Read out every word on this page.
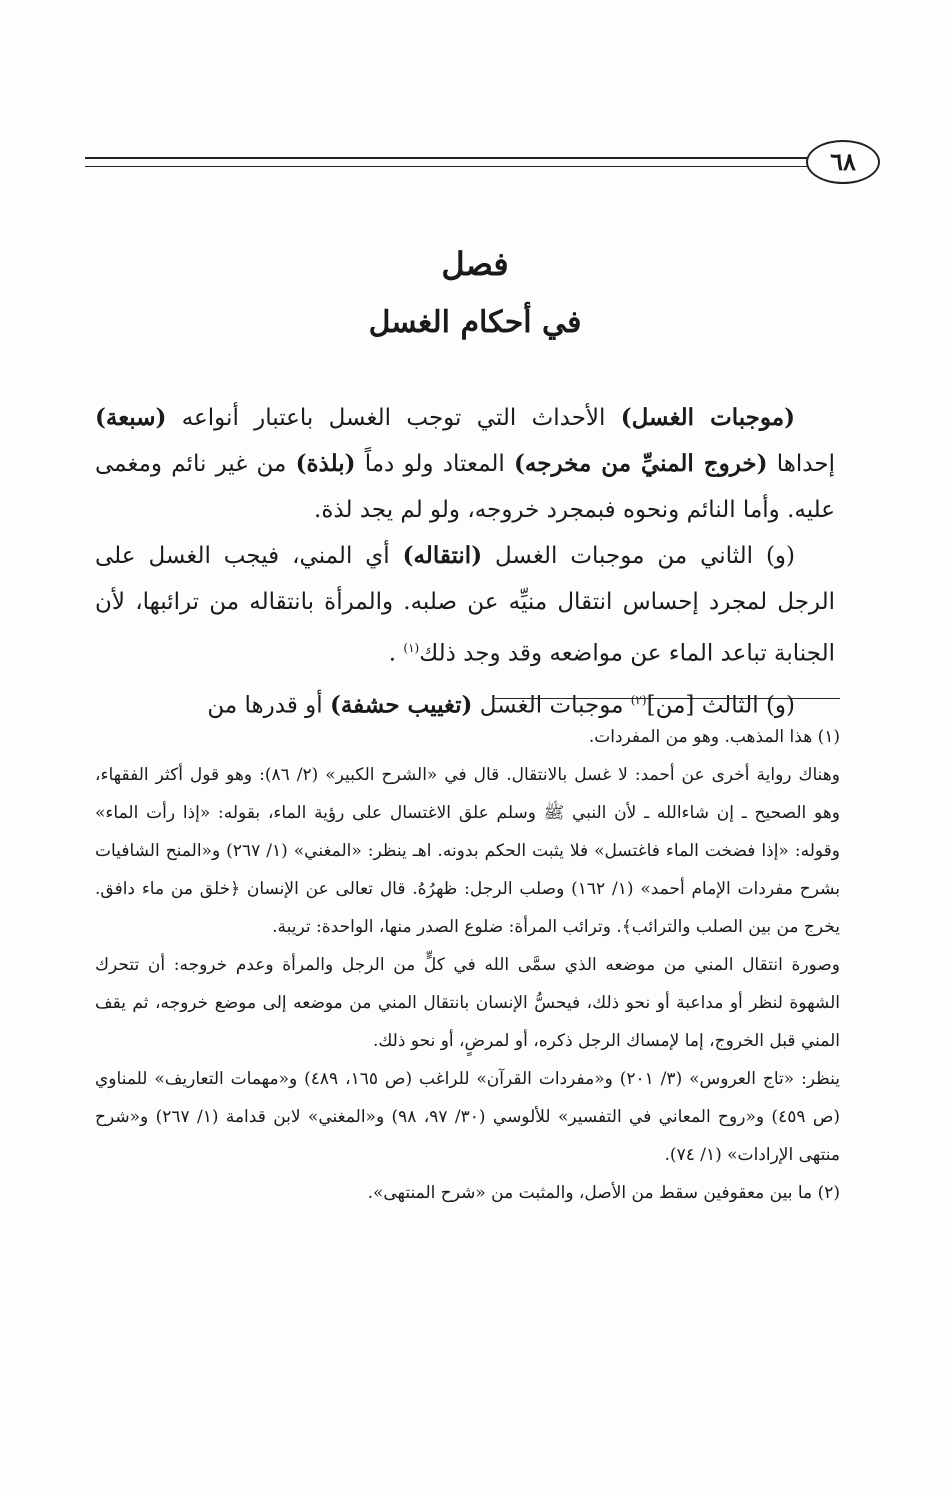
٦٨
فصل
في أحكام الغسل

(موجبات الغسل) الأحداث التي توجب الغسل باعتبار أنواعه (سبعة) إحداها (خروج المنيِّ من مخرجه) المعتاد ولو دماً (بلذة) من غير نائم ومغمى عليه. وأما النائم ونحوه فبمجرد خروجه، ولو لم يجد لذة.

(و) الثاني من موجبات الغسل (انتقاله) أي المني، فيجب الغسل على الرجل لمجرد إحساس انتقال منيِّه عن صلبه. والمرأة بانتقاله من ترائبها، لأن الجنابة تباعد الماء عن مواضعه وقد وجد ذلك$^{(١)}$ .

(و) الثالث [من]$^{(٢)}$ موجبات الغسل (تغييب حشفة) أو قدرها من

(١) هذا المذهب. وهو من المفردات.

وهناك رواية أخرى عن أحمد: لا غسل بالانتقال. قال في «الشرح الكبير» (٢/ ٨٦): وهو قول أكثر الفقهاء، وهو الصحيح ـ إن شاءالله ـ لأن النبي ﷺ وسلم علق الاغتسال على رؤية الماء، بقوله: «إذا رأت الماء» وقوله: «إذا فضخت الماء فاغتسل» فلا يثبت الحكم بدونه. اهـ ينظر: «المغني» (١/ ٢٦٧) و«المنح الشافيات بشرح مفردات الإمام أحمد» (١/ ١٦٢) وصلب الرجل: ظهرُهُ. قال تعالى عن الإنسان ﴿خلق من ماء دافق. يخرج من بين الصلب والترائب﴾. وترائب المرأة: ضلوع الصدر منها، الواحدة: تريبة.

وصورة انتقال المني من موضعه الذي سمَّى الله في كلٍّ من الرجل والمرأة وعدم خروجه: أن تتحرك الشهوة لنظر أو مداعبة أو نحو ذلك، فيحسُّ الإنسان بانتقال المني من موضعه إلى موضع خروجه، ثم يقف المني قبل الخروج، إما لإمساك الرجل ذكره، أو لمرضٍ، أو نحو ذلك.

ينظر: «تاج العروس» (٣/ ٢٠١) و«مفردات القرآن» للراغب (ص ١٦٥، ٤٨٩) و«مهمات التعاريف» للمناوي (ص ٤٥٩) و«روح المعاني في التفسير» للألوسي (٣٠/ ٩٧، ٩٨) و«المغني» لابن قدامة (١/ ٢٦٧) و«شرح منتهى الإرادات» (١/ ٧٤).

(٢) ما بين معقوفين سقط من الأصل، والمثبت من «شرح المنتهى».
